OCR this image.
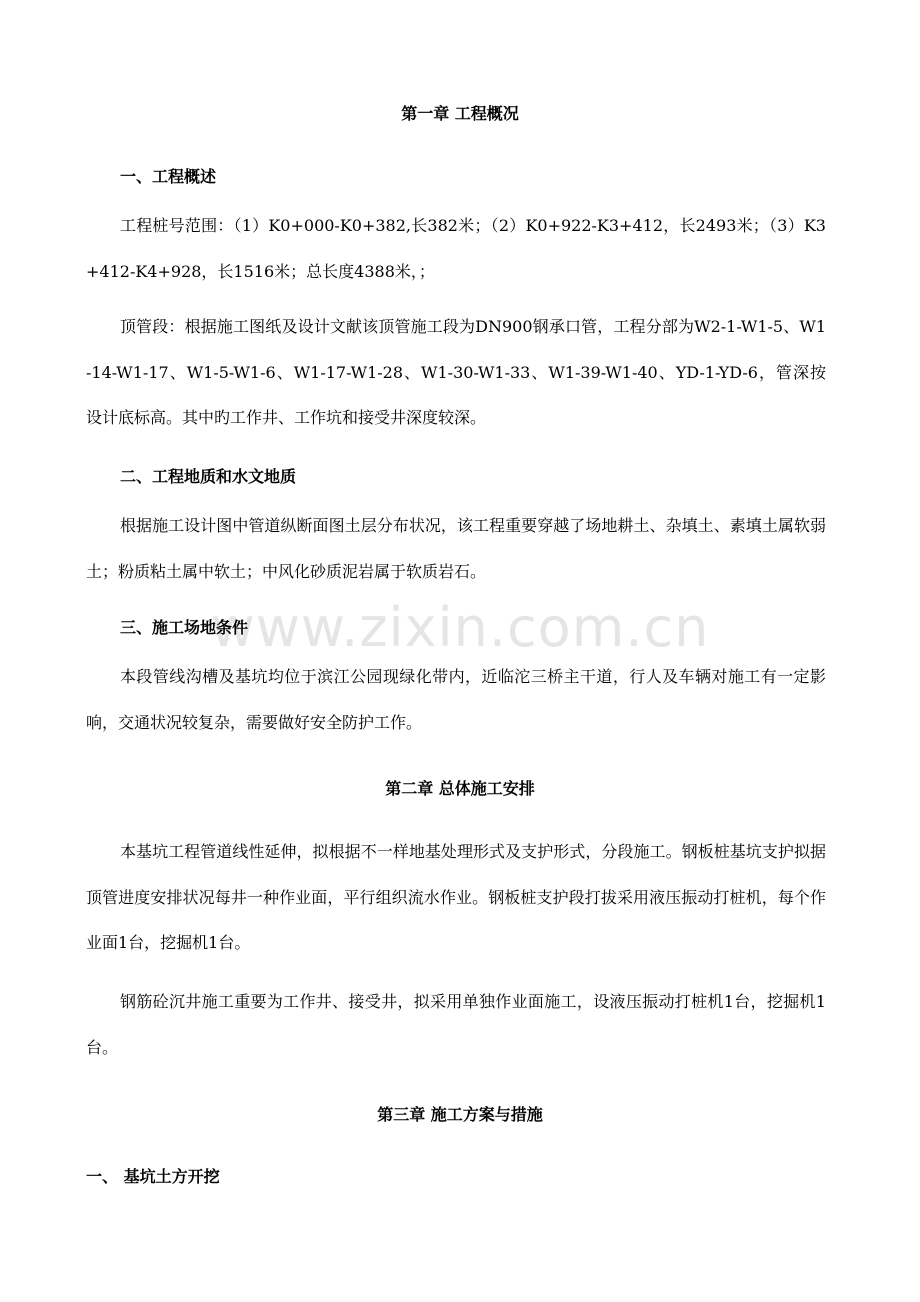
www.zixin.com.cn
第一章 工程概况
一、工程概述
工程桩号范围：（1）K0+000-K0+382,长382米；（2）K0+922-K3+412，长2493米；（3）K3+412-K4+928，长1516米；总长度4388米，；
顶管段：根据施工图纸及设计文献该顶管施工段为DN900钢承口管，工程分部为W2-1-W1-5、W1-14-W1-17、W1-5-W1-6、W1-17-W1-28、W1-30-W1-33、W1-39-W1-40、YD-1-YD-6，管深按设计底标高。其中旳工作井、工作坑和接受井深度较深。
二、工程地质和水文地质
根据施工设计图中管道纵断面图土层分布状况，该工程重要穿越了场地耕土、杂填土、素填土属软弱土；粉质粘土属中软土；中风化砂质泥岩属于软质岩石。
三、施工场地条件
本段管线沟槽及基坑均位于滨江公园现绿化带内，近临沱三桥主干道，行人及车辆对施工有一定影响，交通状况较复杂，需要做好安全防护工作。
第二章 总体施工安排
本基坑工程管道线性延伸，拟根据不一样地基处理形式及支护形式，分段施工。钢板桩基坑支护拟据顶管进度安排状况每井一种作业面，平行组织流水作业。钢板桩支护段打拔采用液压振动打桩机，每个作业面1台，挖掘机1台。
钢筋砼沉井施工重要为工作井、接受井，拟采用单独作业面施工，设液压振动打桩机1台，挖掘机1台。
第三章 施工方案与措施
一、 基坑土方开挖
